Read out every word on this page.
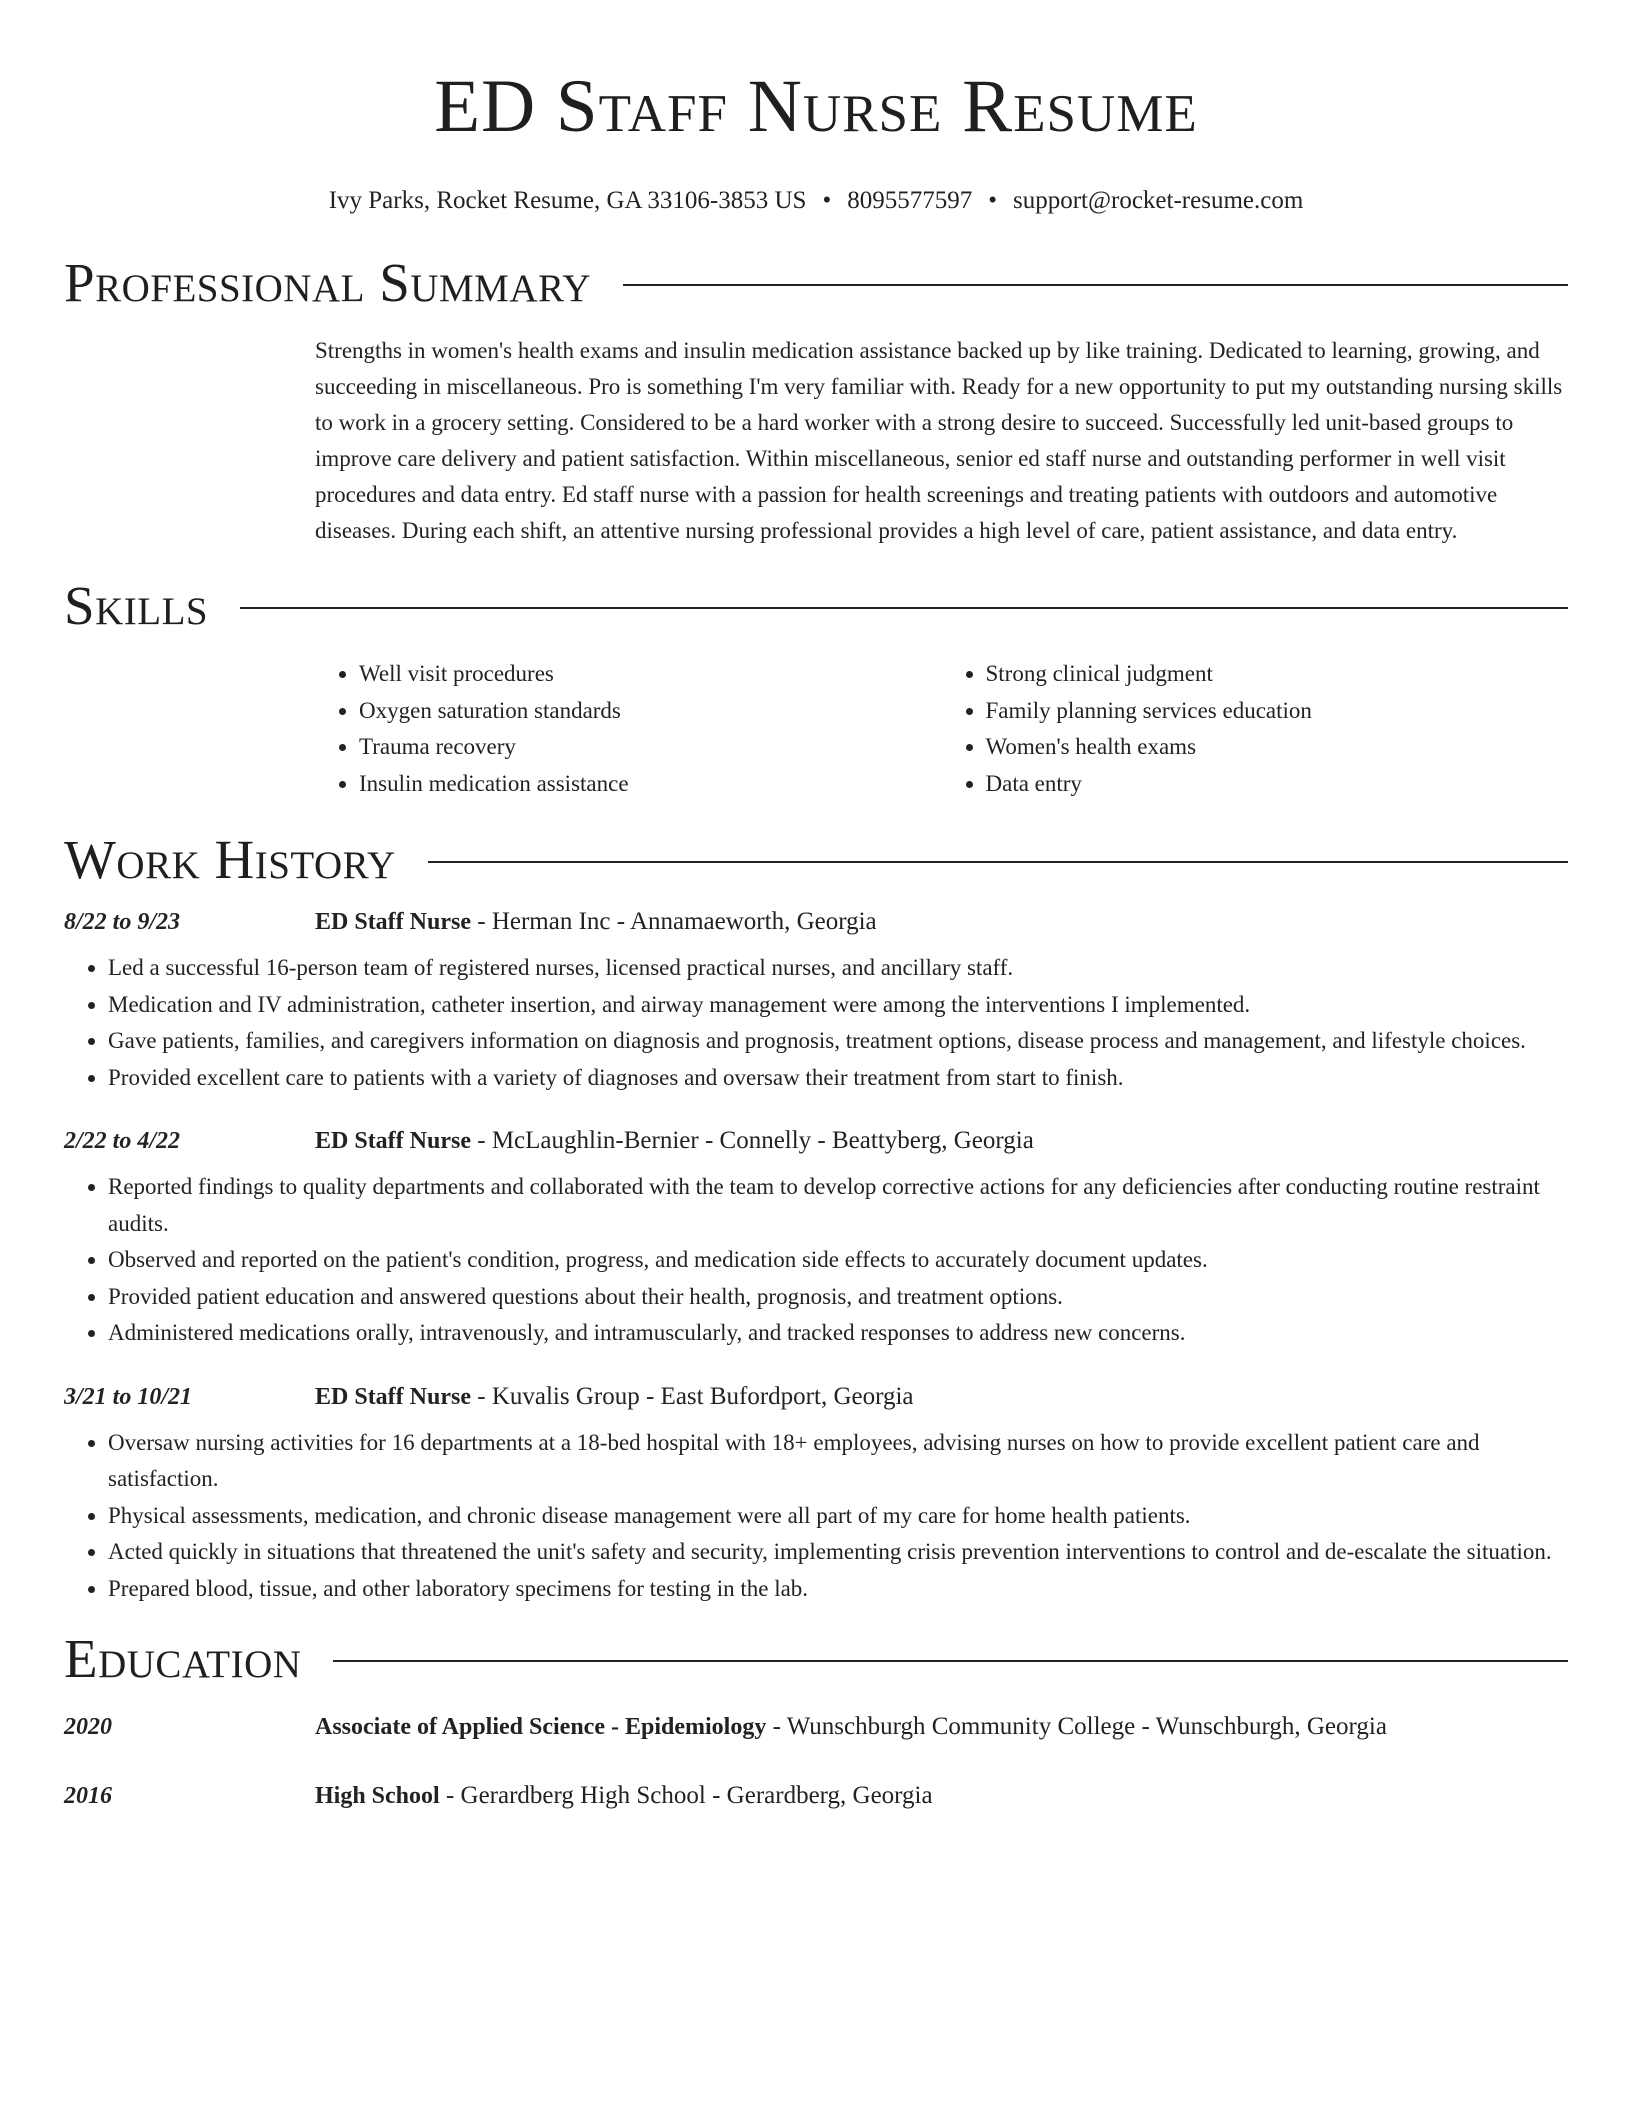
ED Staff Nurse Resume
Ivy Parks, Rocket Resume, GA 33106-3853 US • 8095577597 • support@rocket-resume.com
Professional Summary

Strengths in women's health exams and insulin medication assistance backed up by like training. Dedicated to learning, growing, and succeeding in miscellaneous. Pro is something I'm very familiar with. Ready for a new opportunity to put my outstanding nursing skills to work in a grocery setting. Considered to be a hard worker with a strong desire to succeed. Successfully led unit-based groups to improve care delivery and patient satisfaction. Within miscellaneous, senior ed staff nurse and outstanding performer in well visit procedures and data entry. Ed staff nurse with a passion for health screenings and treating patients with outdoors and automotive diseases. During each shift, an attentive nursing professional provides a high level of care, patient assistance, and data entry.

Skills
• Well visit procedures
• Oxygen saturation standards
• Trauma recovery
• Insulin medication assistance
• Strong clinical judgment
• Family planning services education
• Women's health exams
• Data entry
Work History
8/22 to 9/23	ED Staff Nurse - Herman Inc - Annamaeworth, Georgia
• Led a successful 16-person team of registered nurses, licensed practical nurses, and ancillary staff.
• Medication and IV administration, catheter insertion, and airway management were among the interventions I implemented.
• Gave patients, families, and caregivers information on diagnosis and prognosis, treatment options, disease process and management, and lifestyle choices.
• Provided excellent care to patients with a variety of diagnoses and oversaw their treatment from start to finish.
2/22 to 4/22	ED Staff Nurse - McLaughlin-Bernier - Connelly - Beattyberg, Georgia
• Reported findings to quality departments and collaborated with the team to develop corrective actions for any deficiencies after conducting routine restraint audits.
• Observed and reported on the patient's condition, progress, and medication side effects to accurately document updates.
• Provided patient education and answered questions about their health, prognosis, and treatment options.
• Administered medications orally, intravenously, and intramuscularly, and tracked responses to address new concerns.
3/21 to 10/21	ED Staff Nurse - Kuvalis Group - East Bufordport, Georgia
• Oversaw nursing activities for 16 departments at a 18-bed hospital with 18+ employees, advising nurses on how to provide excellent patient care and satisfaction.
• Physical assessments, medication, and chronic disease management were all part of my care for home health patients.
• Acted quickly in situations that threatened the unit's safety and security, implementing crisis prevention interventions to control and de-escalate the situation.
• Prepared blood, tissue, and other laboratory specimens for testing in the lab.
Education
2020	Associate of Applied Science - Epidemiology - Wunschburgh Community College - Wunschburgh, Georgia
2016	High School - Gerardberg High School - Gerardberg, Georgia
